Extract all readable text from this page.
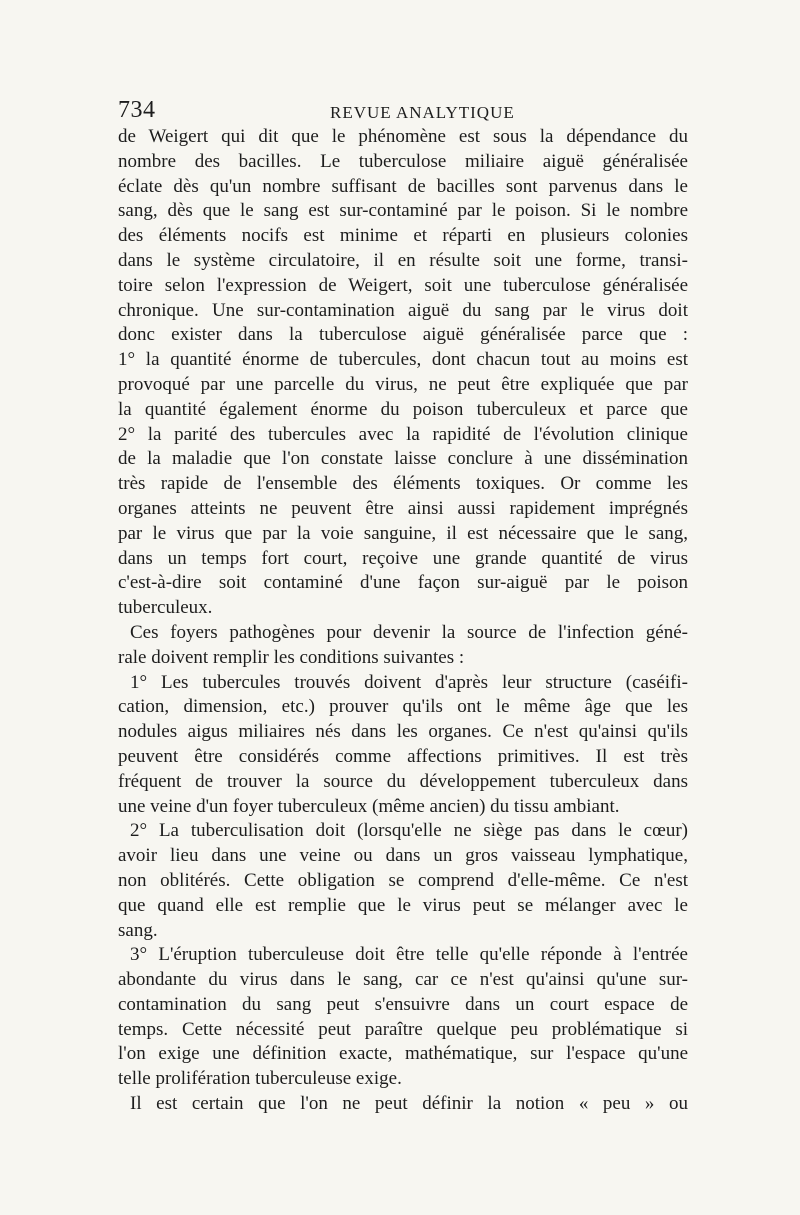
734	REVUE ANALYTIQUE
de Weigert qui dit que le phénomène est sous la dépendance du
nombre des bacilles. Le tuberculose miliaire aiguë généralisée
éclate dès qu'un nombre suffisant de bacilles sont parvenus dans le
sang, dès que le sang est sur-contaminé par le poison. Si le nombre
des éléments nocifs est minime et réparti en plusieurs colonies
dans le système circulatoire, il en résulte soit une forme, transi-
toire selon l'expression de Weigert, soit une tuberculose généralisée
chronique. Une sur-contamination aiguë du sang par le virus doit
donc exister dans la tuberculose aiguë généralisée parce que :
1° la quantité énorme de tubercules, dont chacun tout au moins est
provoqué par une parcelle du virus, ne peut être expliquée que par
la quantité également énorme du poison tuberculeux et parce que
2° la parité des tubercules avec la rapidité de l'évolution clinique
de la maladie que l'on constate laisse conclure à une dissémination
très rapide de l'ensemble des éléments toxiques. Or comme les
organes atteints ne peuvent être ainsi aussi rapidement imprégnés
par le virus que par la voie sanguine, il est nécessaire que le sang,
dans un temps fort court, reçoive une grande quantité de virus
c'est-à-dire soit contaminé d'une façon sur-aiguë par le poison
tuberculeux.
Ces foyers pathogènes pour devenir la source de l'infection géné-
rale doivent remplir les conditions suivantes :
1° Les tubercules trouvés doivent d'après leur structure (caséifi-
cation, dimension, etc.) prouver qu'ils ont le même âge que les
nodules aigus miliaires nés dans les organes. Ce n'est qu'ainsi qu'ils
peuvent être considérés comme affections primitives. Il est très
fréquent de trouver la source du développement tuberculeux dans
une veine d'un foyer tuberculeux (même ancien) du tissu ambiant.
2° La tuberculisation doit (lorsqu'elle ne siège pas dans le cœur)
avoir lieu dans une veine ou dans un gros vaisseau lymphatique,
non oblitérés. Cette obligation se comprend d'elle-même. Ce n'est
que quand elle est remplie que le virus peut se mélanger avec le
sang.
3° L'éruption tuberculeuse doit être telle qu'elle réponde à l'entrée
abondante du virus dans le sang, car ce n'est qu'ainsi qu'une sur-
contamination du sang peut s'ensuivre dans un court espace de
temps. Cette nécessité peut paraître quelque peu problématique si
l'on exige une définition exacte, mathématique, sur l'espace qu'une
telle prolifération tuberculeuse exige.
Il est certain que l'on ne peut définir la notion « peu » ou
